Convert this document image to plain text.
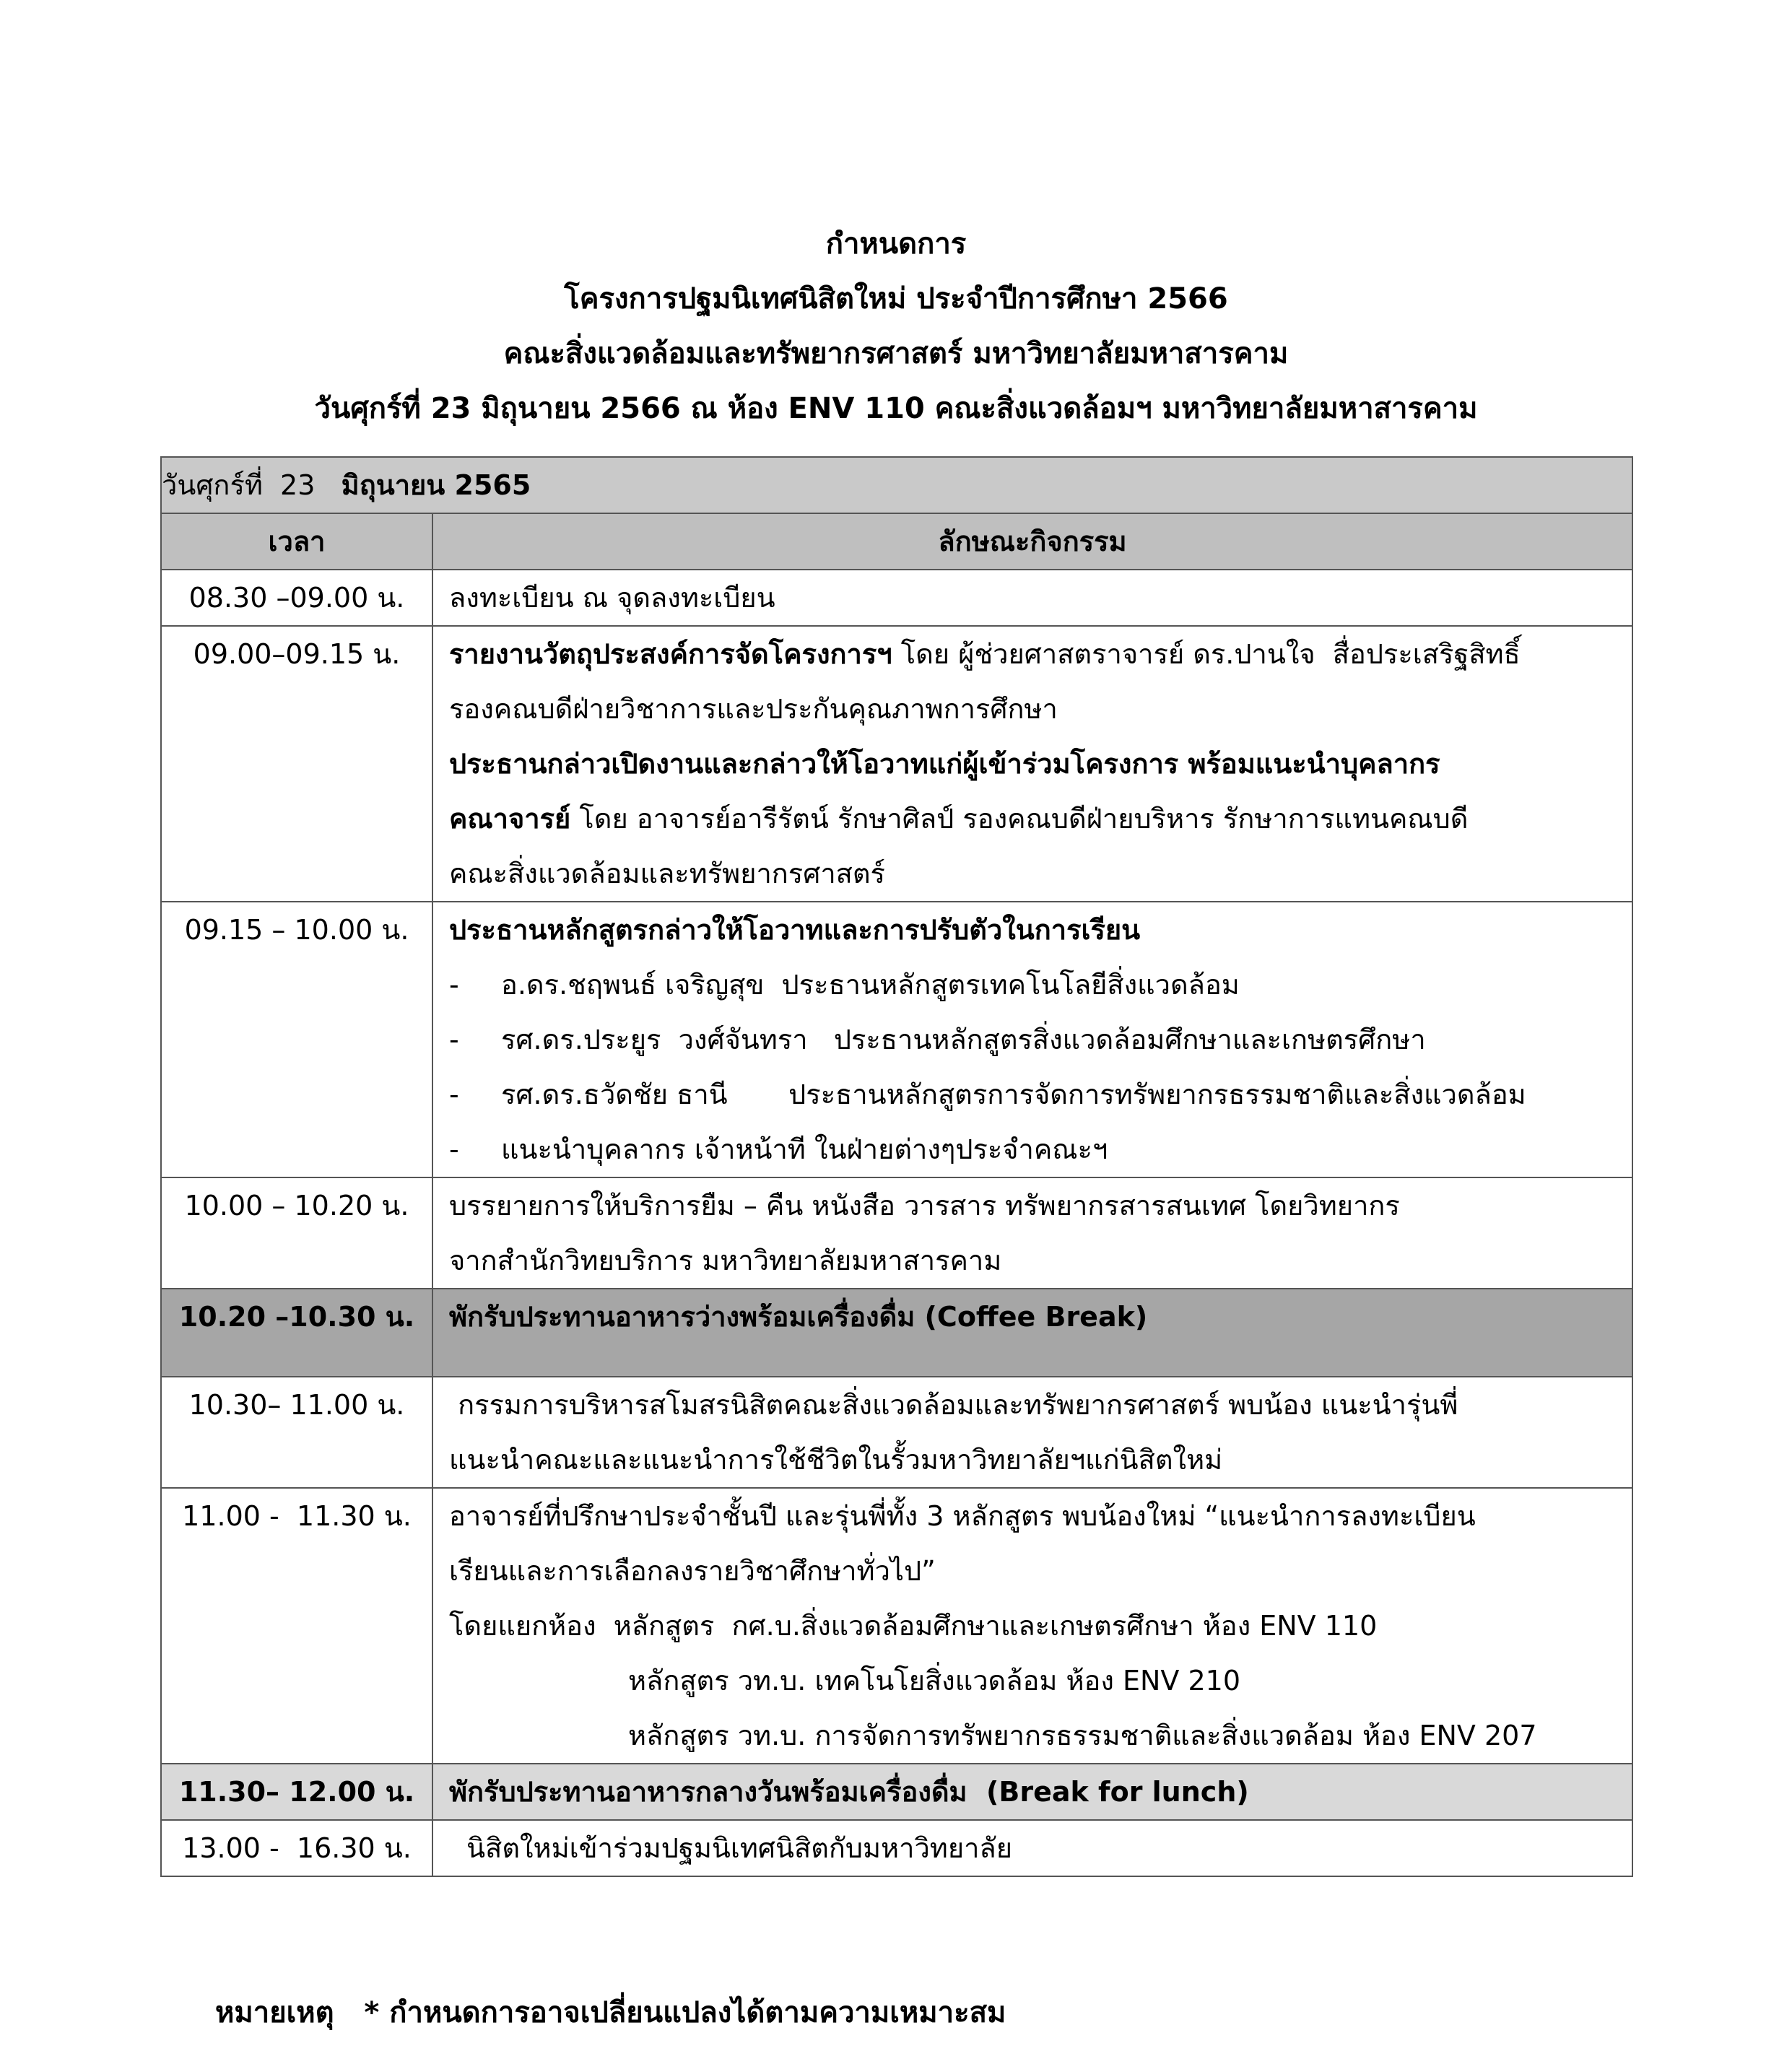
กำหนดการ
โครงการปฐมนิเทศนิสิตใหม่ ประจำปีการศึกษา 2566
คณะสิ่งแวดล้อมและทรัพยากรศาสตร์ มหาวิทยาลัยมหาสารคาม
วันศุกร์ที่ 23 มิถุนายน 2566 ณ ห้อง ENV 110 คณะสิ่งแวดล้อมฯ มหาวิทยาลัยมหาสารคาม
วันศุกร์ที่  23   มิถุนายน 2565	
เวลา	ลักษณะกิจกรรม
08.30 –09.00 น.	ลงทะเบียน ณ จุดลงทะเบียน

09.00–09.15 น.	รายงานวัตถุประสงค์การจัดโครงการฯ โดย ผู้ช่วยศาสตราจารย์ ดร.ปานใจ  สื่อประเสริฐสิทธิ์
รองคณบดีฝ่ายวิชาการและประกันคุณภาพการศึกษา
ประธานกล่าวเปิดงานและกล่าวให้โอวาทแก่ผู้เข้าร่วมโครงการ พร้อมแนะนำบุคลากร
คณาจารย์ โดย อาจารย์อารีรัตน์ รักษาศิลป์ รองคณบดีฝ่ายบริหาร รักษาการแทนคณบดี
คณะสิ่งแวดล้อมและทรัพยากรศาสตร์

09.15 – 10.00 น.	ประธานหลักสูตรกล่าวให้โอวาทและการปรับตัวในการเรียน
- อ.ดร.ชฤพนธ์ เจริญสุข  ประธานหลักสูตรเทคโนโลยีสิ่งแวดล้อม
- รศ.ดร.ประยูร  วงศ์จันทรา   ประธานหลักสูตรสิ่งแวดล้อมศึกษาและเกษตรศึกษา
- รศ.ดร.ธวัดชัย ธานี       ประธานหลักสูตรการจัดการทรัพยากรธรรมชาติและสิ่งแวดล้อม
- แนะนำบุคลากร เจ้าหน้าที ในฝ่ายต่างๆประจำคณะฯ

10.00 – 10.20 น.	บรรยายการให้บริการยืม – คืน หนังสือ วารสาร ทรัพยากรสารสนเทศ โดยวิทยากร
จากสำนักวิทยบริการ มหาวิทยาลัยมหาสารคาม

10.20 –10.30 น.	พักรับประทานอาหารว่างพร้อมเครื่องดื่ม (Coffee Break)

10.30– 11.00 น.	กรรมการบริหารสโมสรนิสิตคณะสิ่งแวดล้อมและทรัพยากรศาสตร์ พบน้อง แนะนำรุ่นพี่
แนะนำคณะและแนะนำการใช้ชีวิตในรั้วมหาวิทยาลัยฯแก่นิสิตใหม่

11.00 -  11.30 น.	อาจารย์ที่ปรึกษาประจำชั้นปี และรุ่นพี่ทั้ง 3 หลักสูตร พบน้องใหม่ “แนะนำการลงทะเบียน
เรียนและการเลือกลงรายวิชาศึกษาทั่วไป”
โดยแยกห้อง  หลักสูตร  กศ.บ.สิ่งแวดล้อมศึกษาและเกษตรศึกษา ห้อง ENV 110
หลักสูตร วท.บ. เทคโนโยสิ่งแวดล้อม ห้อง ENV 210
หลักสูตร วท.บ. การจัดการทรัพยากรธรรมชาติและสิ่งแวดล้อม ห้อง ENV 207

11.30– 12.00 น.	พักรับประทานอาหารกลางวันพร้อมเครื่องดื่ม  (Break for lunch)

13.00 -  16.30 น.	นิสิตใหม่เข้าร่วมปฐมนิเทศนิสิตกับมหาวิทยาลัย
หมายเหตุ   * กำหนดการอาจเปลี่ยนแปลงได้ตามความเหมาะสม
